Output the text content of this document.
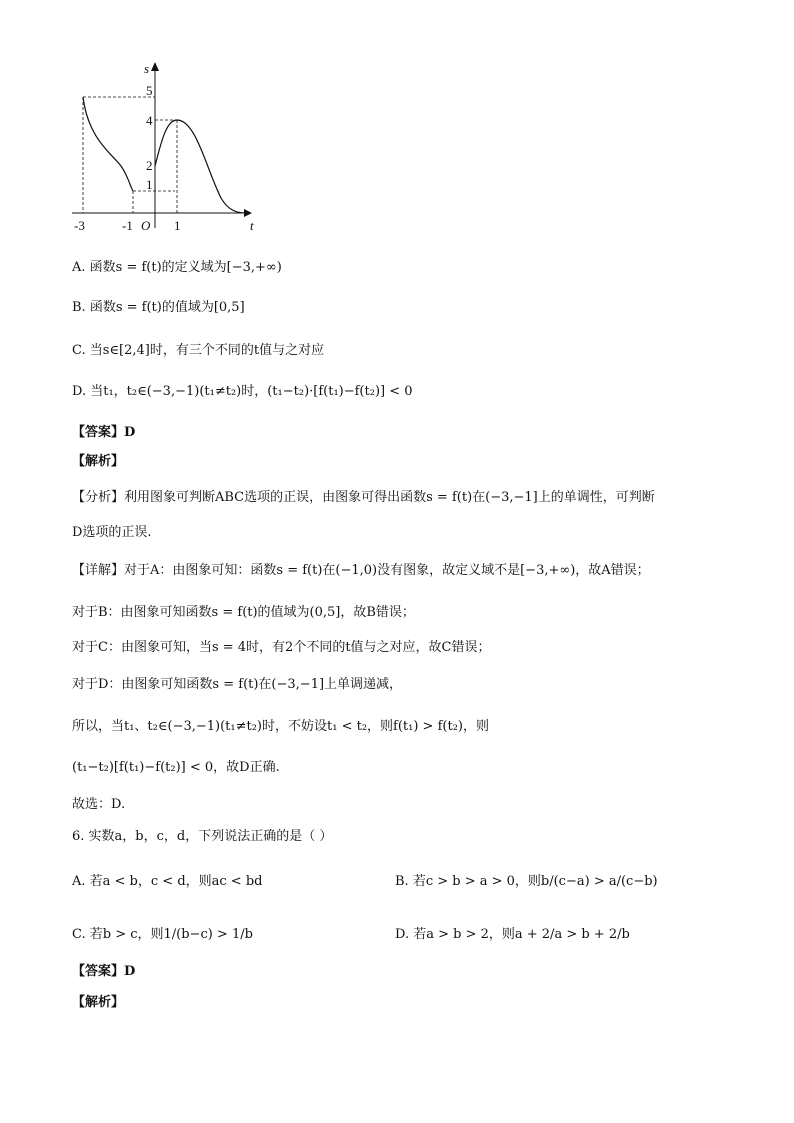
s
t
O
5
4
2
1
-3	-1	1
A. 函数s = f(t)的定义域为[−3,+∞)
B. 函数s = f(t)的值域为[0,5]
C. 当s∈[2,4]时，有三个不同的t值与之对应
D. 当t₁，t₂∈(−3,−1)(t₁≠t₂)时，(t₁−t₂)·[f(t₁)−f(t₂)] < 0
【答案】D
【解析】
【分析】利用图象可判断ABC选项的正误，由图象可得出函数s = f(t)在(−3,−1]上的单调性，可判断
D选项的正误.
【详解】对于A：由图象可知：函数s = f(t)在(−1,0)没有图象，故定义域不是[−3,+∞)，故A错误；
对于B：由图象可知函数s = f(t)的值域为(0,5]，故B错误；
对于C：由图象可知，当s = 4时，有2个不同的t值与之对应，故C错误；
对于D：由图象可知函数s = f(t)在(−3,−1]上单调递减，
所以，当t₁、t₂∈(−3,−1)(t₁≠t₂)时，不妨设t₁ < t₂，则f(t₁) > f(t₂)，则
(t₁−t₂)[f(t₁)−f(t₂)] < 0，故D正确.
故选：D.
6. 实数a，b，c，d，下列说法正确的是（ ）
A. 若a < b，c < d，则ac < bd	B. 若c > b > a > 0，则b/(c−a) > a/(c−b)
C. 若b > c，则1/(b−c) > 1/b	D. 若a > b > 2，则a + 2/a > b + 2/b
【答案】D
【解析】
